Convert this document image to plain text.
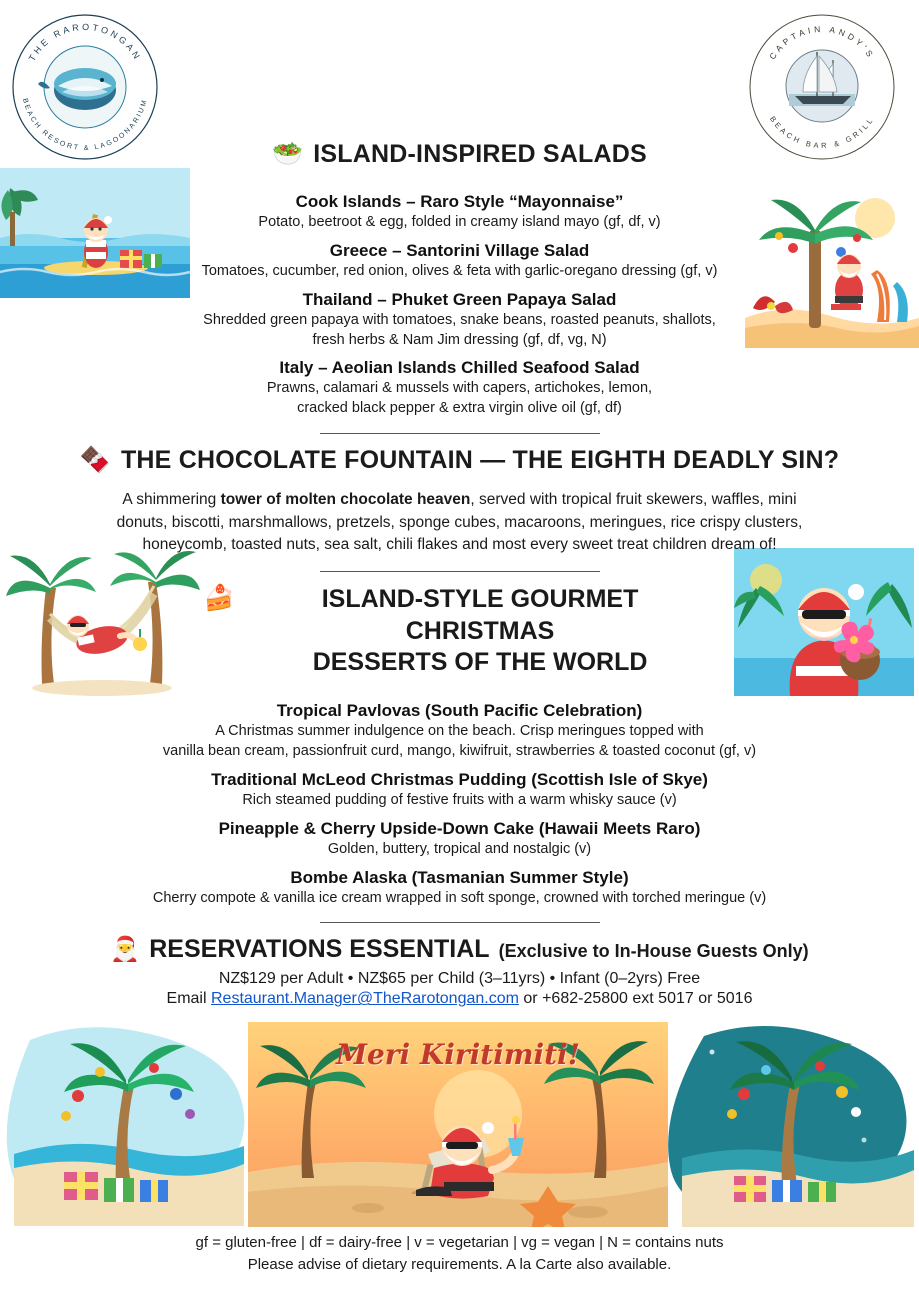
THE RAROTONGAN
BEACH RESORT & LAGOONARIUM
CAPTAIN ANDY'S
BEACH BAR & GRILL
🥗 ISLAND-INSPIRED SALADS
Cook Islands – Raro Style “Mayonnaise”
Potato, beetroot & egg, folded in creamy island mayo (gf, df, v)
Greece – Santorini Village Salad
Tomatoes, cucumber, red onion, olives & feta with garlic-oregano dressing (gf, v)
Thailand – Phuket Green Papaya Salad
Shredded green papaya with tomatoes, snake beans, roasted peanuts, shallots,
fresh herbs & Nam Jim dressing (gf, df, vg, N)
Italy – Aeolian Islands Chilled Seafood Salad
Prawns, calamari & mussels with capers, artichokes, lemon,
cracked black pepper & extra virgin olive oil (gf, df)
🍫 THE CHOCOLATE FOUNTAIN — THE EIGHTH DEADLY SIN?
A shimmering tower of molten chocolate heaven, served with tropical fruit skewers, waffles, mini donuts, biscotti, marshmallows, pretzels, sponge cubes, macaroons, meringues, rice crispy clusters, honeycomb, toasted nuts, sea salt, chili flakes and most every sweet treat children dream of!
🍰	ISLAND-STYLE GOURMET CHRISTMAS
DESSERTS OF THE WORLD
Tropical Pavlovas (South Pacific Celebration)
A Christmas summer indulgence on the beach. Crisp meringues topped with
vanilla bean cream, passionfruit curd, mango, kiwifruit, strawberries & toasted coconut (gf, v)
Traditional McLeod Christmas Pudding (Scottish Isle of Skye)
Rich steamed pudding of festive fruits with a warm whisky sauce (v)
Pineapple & Cherry Upside-Down Cake (Hawaii Meets Raro)
Golden, buttery, tropical and nostalgic (v)
Bombe Alaska (Tasmanian Summer Style)
Cherry compote & vanilla ice cream wrapped in soft sponge, crowned with torched meringue (v)
🎅 RESERVATIONS ESSENTIAL (Exclusive to In-House Guests Only)
NZ$129 per Adult • NZ$65 per Child (3–11yrs) • Infant (0–2yrs) Free
Email Restaurant.Manager@TheRarotongan.com or +682-25800 ext 5017 or 5016
Meri Kiritimiti!
gf = gluten-free | df = dairy-free | v = vegetarian | vg = vegan | N = contains nuts
Please advise of dietary requirements. A la Carte also available.
